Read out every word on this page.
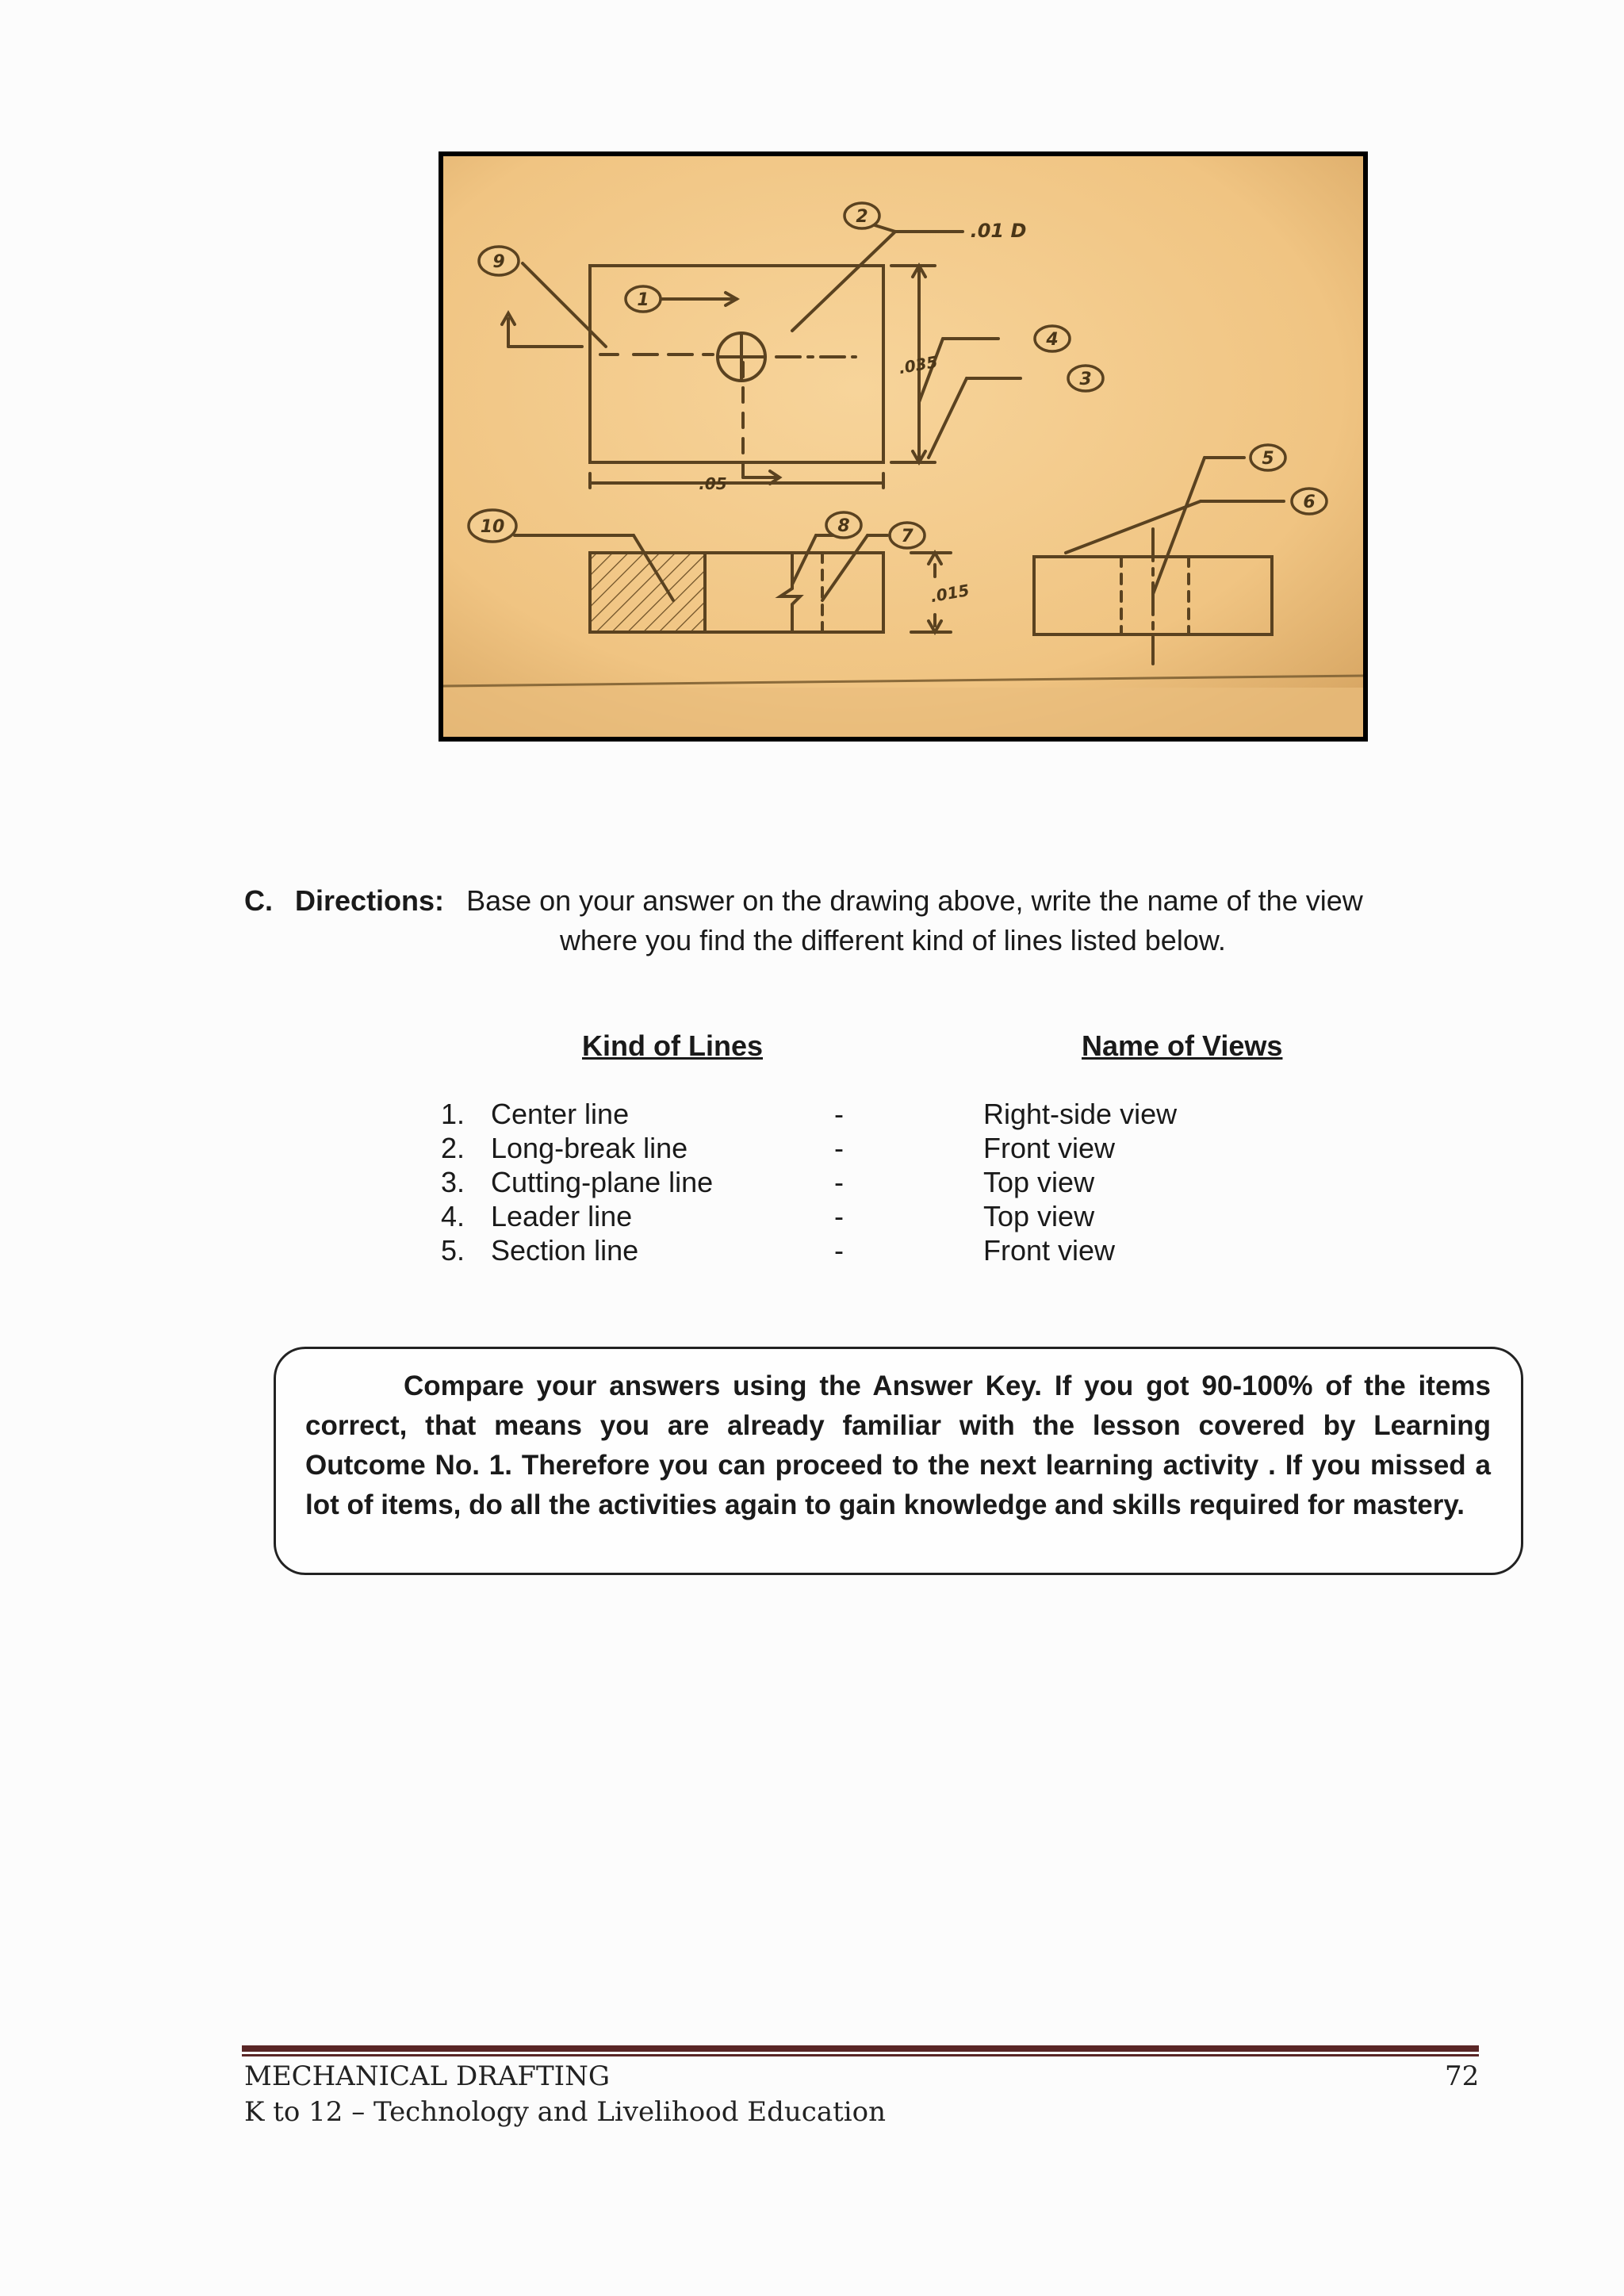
2
1
3
4
5
6
7
8
9
10
.01 D
.035
.05
.015
C. Directions: Base on your answer on the drawing above, write the name of the view
where you find the different kind of lines listed below.
Kind of Lines	Name of Views
1. Center line	-	Right-side view
2. Long-break line	-	Front view
3. Cutting-plane line	-	Top view
4. Leader line	-	Top view
5. Section line	-	Front view
Compare your answers using the Answer Key. If you got 90-100% of the items correct, that means you are already familiar with the lesson covered by Learning Outcome No. 1. Therefore you can proceed to the next learning activity . If you missed a lot of items, do all the activities again to gain knowledge and skills required for mastery.
MECHANICAL DRAFTING
K to 12 – Technology and Livelihood Education
72
